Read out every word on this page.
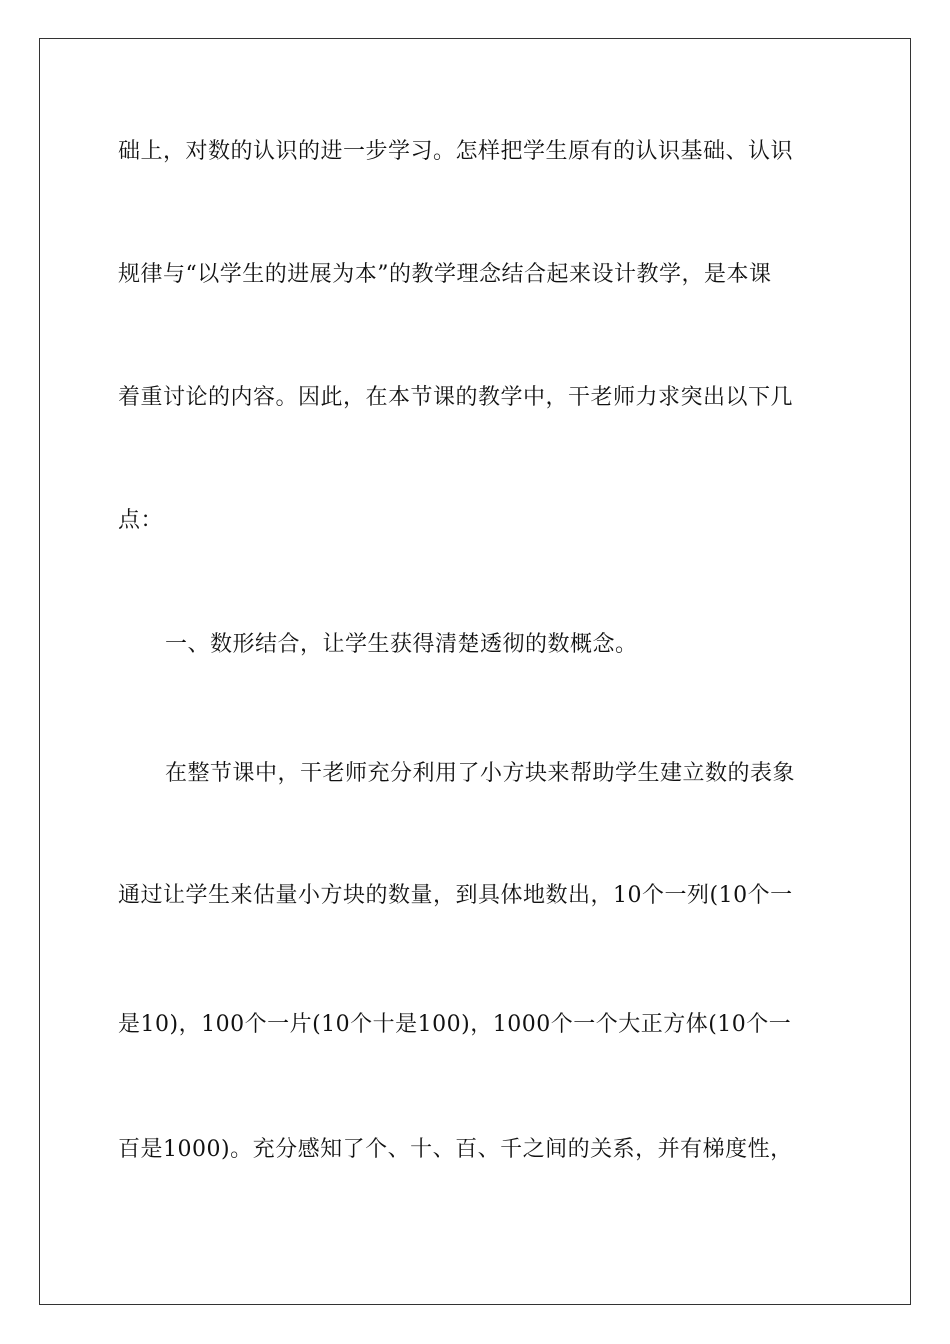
础上，对数的认识的进一步学习。怎样把学生原有的认识基础、认识
规律与“以学生的进展为本”的教学理念结合起来设计教学，是本课
着重讨论的内容。因此，在本节课的教学中，干老师力求突出以下几
点：
一、数形结合，让学生获得清楚透彻的数概念。
在整节课中，干老师充分利用了小方块来帮助学生建立数的表象
通过让学生来估量小方块的数量，到具体地数出，10个一列(10个一
是10)，100个一片(10个十是100)，1000个一个大正方体(10个一
百是1000)。充分感知了个、十、百、千之间的关系，并有梯度性，
